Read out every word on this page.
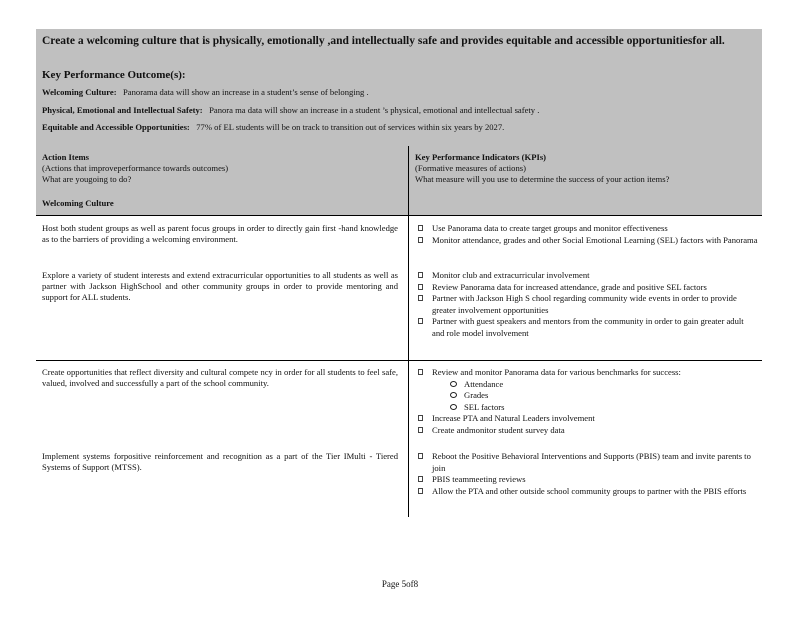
Create a welcoming culture that is physically, emotionally ,and intellectually safe and provides equitable and accessible opportunitiesfor all.
Key Performance Outcome(s):
Welcoming Culture: Panorama data will show an increase in a student’s sense of belonging .
Physical, Emotional and Intellectual Safety: Panora ma data will show an increase in a student ’s physical, emotional and intellectual safety .
Equitable and Accessible Opportunities: 77% of EL students will be on track to transition out of services within six years by 2027.
Action Items
(Actions that improveperformance towards outcomes)
What are yougoing to do?
Key Performance Indicators (KPIs)
(Formative measures of actions)
What measure will you use to determine the success of your action items?
Welcoming Culture
Host both student groups as well as parent focus groups in order to directly gain first -hand knowledge as to the barriers of providing a welcoming environment.
Use Panorama data to create target groups and monitor effectiveness
Monitor attendance, grades and other Social Emotional Learning (SEL) factors with Panorama
Explore a variety of student interests and extend extracurricular opportunities to all students as well as partner with Jackson HighSchool and other community groups in order to provide mentoring and support for ALL students.
Monitor club and extracurricular involvement
Review Panorama data for increased attendance, grade and positive SEL factors
Partner with Jackson High S chool regarding community wide events in order to provide greater involvement opportunities
Partner with guest speakers and mentors from the community in order to gain greater adult and role model involvement
Create opportunities that reflect diversity and cultural compete ncy in order for all students to feel safe, valued, involved and successfully a part of the school community.
Review and monitor Panorama data for various benchmarks for success:
Attendance
Grades
SEL factors
Increase PTA and Natural Leaders involvement
Create andmonitor student survey data
Implement systems forpositive reinforcement and recognition as a part of the Tier IMulti - Tiered Systems of Support (MTSS).
Reboot the Positive Behavioral Interventions and Supports (PBIS) team and invite parents to join
PBIS teammeeting reviews
Allow the PTA and other outside school community groups to partner with the PBIS efforts
Page 5of8
